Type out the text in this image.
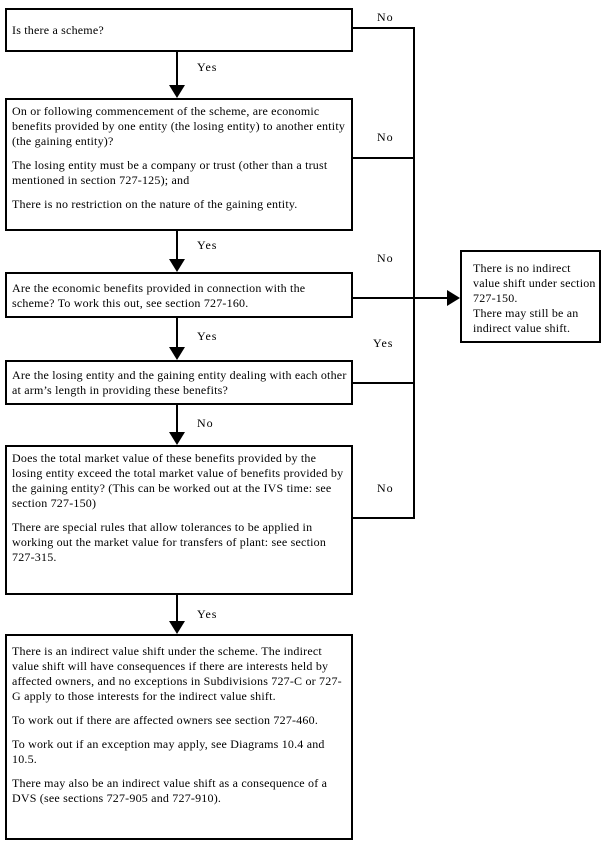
Is there a scheme?

On or following commencement of the scheme, are economic benefits provided by one entity (the losing entity) to another entity (the gaining entity)?

The losing entity must be a company or trust (other than a trust mentioned in section 727-125); and

There is no restriction on the nature of the gaining entity.

Are the economic benefits provided in connection with the scheme? To work this out, see section 727-160.

Are the losing entity and the gaining entity dealing with each other at arm’s length in providing these benefits?

Does the total market value of these benefits provided by the losing entity exceed the total market value of benefits provided by the gaining entity? (This can be worked out at the IVS time: see section 727-150)

There are special rules that allow tolerances to be applied in working out the market value for transfers of plant: see section 727-315.

There is an indirect value shift under the scheme. The indirect value shift will have consequences if there are interests held by affected owners, and no exceptions in Subdivisions 727-C or 727-G apply to those interests for the indirect value shift.

To work out if there are affected owners see section 727-460.

To work out if an exception may apply, see Diagrams 10.4 and 10.5.

There may also be an indirect value shift as a consequence of a DVS (see sections 727-905 and 727-910).

There is no indirect value shift under section 727-150.

There may still be an indirect value shift.

Yes
Yes
Yes
No
Yes
No
No
No
Yes
No
